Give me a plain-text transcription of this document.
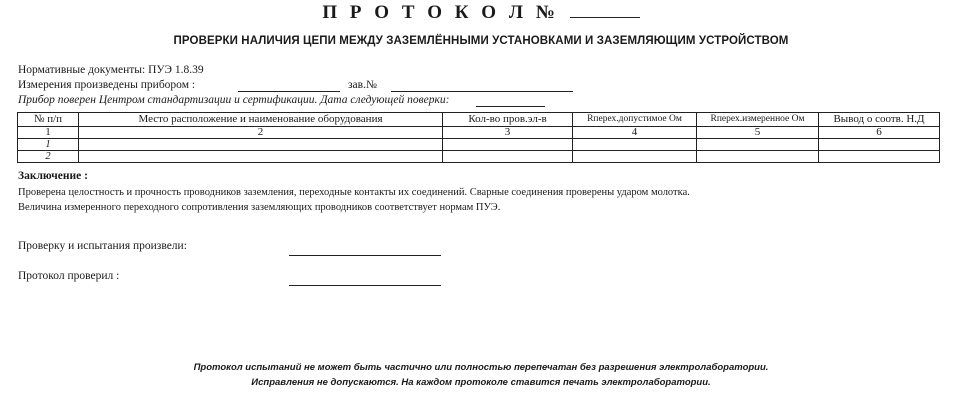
П Р О Т О К О Л №
ПРОВЕРКИ НАЛИЧИЯ ЦЕПИ МЕЖДУ ЗАЗЕМЛЁННЫМИ УСТАНОВКАМИ И ЗАЗЕМЛЯЮЩИМ УСТРОЙСТВОМ
Нормативные документы: ПУЭ 1.8.39
Измерения произведены прибором :	зав.№
Прибор поверен Центром стандартизации и сертификации. Дата следующей поверки:
№ п/п	Место расположение и наименование оборудования	Кол-во пров.эл-в	Rперех.допустимое Ом	Rперех.измеренное Ом	Вывод о соотв. Н.Д
1	2	3	4	5	6
1					
2					
Заключение :
Проверена целостность и прочность проводников заземления, переходные контакты их соединений. Сварные соединения проверены ударом молотка.
Величина измеренного переходного сопротивления заземляющих проводников соответствует нормам ПУЭ.
Проверку и испытания произвели:
Протокол проверил :
Протокол испытаний не может быть частично или полностью перепечатан без разрешения электролаборатории.
Исправления не допускаются. На каждом протоколе ставится печать электролаборатории.
